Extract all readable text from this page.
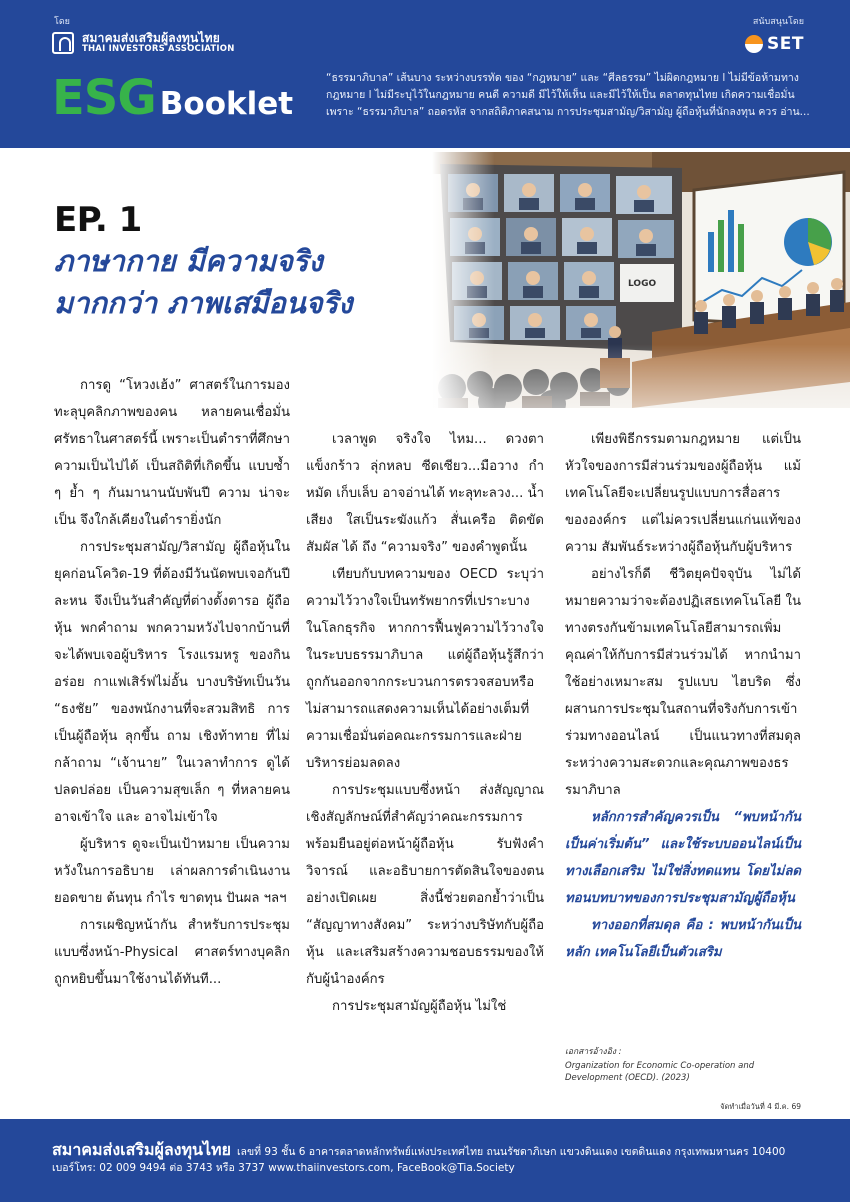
โดย
สมาคมส่งเสริมผู้ลงทุนไทย
THAI INVESTORS ASSOCIATION
สนับสนุนโดย
SET
ESG Booklet
“ธรรมาภิบาล” เส้นบาง ระหว่างบรรทัด ของ “กฎหมาย” และ “ศีลธรรม” ไม่ผิดกฎหมาย l ไม่มีข้อห้ามทางกฎหมาย l ไม่มีระบุไว้ในกฎหมาย คนดี ความดี มีไว้ให้เห็น และมีไว้ให้เป็น ตลาดทุนไทย เกิดความเชื่อมั่น เพราะ “ธรรมาภิบาล” ถอดรหัส จากสถิติภาคสนาม การประชุมสามัญ/วิสามัญ ผู้ถือหุ้นที่นักลงทุน ควร อ่าน...
EP. 1
ภาษากาย มีความจริง
มากกว่า ภาพเสมือนจริง

การดู “โหวงเฮ้ง” ศาสตร์ในการมองทะลุบุคลิกภาพของคน หลายคนเชื่อมั่น ศรัทธาในศาสตร์นี้ เพราะเป็นตำราที่ศึกษาความเป็นไปได้ เป็นสถิติที่เกิดขึ้น แบบซ้ำ ๆ ย้ำ ๆ กันมานานนับพันปี ความ น่าจะเป็น จึงใกล้เคียงในตำรายิ่งนัก

การประชุมสามัญ/วิสามัญ ผู้ถือหุ้นในยุคก่อนโควิด-19 ที่ต้องมีวันนัดพบเจอกันปีละหน จึงเป็นวันสำคัญที่ต่างตั้งตารอ ผู้ถือหุ้น พกคำถาม พกความหวังไปจากบ้านที่จะได้พบเจอผู้บริหาร โรงแรมหรู ของกินอร่อย กาแฟเสิร์ฟไม่อั้น บางบริษัทเป็นวัน “ธงชัย” ของพนักงานที่จะสวมสิทธิ การเป็นผู้ถือหุ้น ลุกขึ้น ถาม เชิงท้าทาย ที่ไม่กล้าถาม “เจ้านาย” ในเวลาทำการ ดูได้ปลดปล่อย เป็นความสุขเล็ก ๆ ที่หลายคนอาจเข้าใจ และ อาจไม่เข้าใจ

ผู้บริหาร ดูจะเป็นเป้าหมาย เป็นความหวังในการอธิบาย เล่าผลการดำเนินงาน ยอดขาย ต้นทุน กำไร ขาดทุน ปันผล ฯลฯ

การเผชิญหน้ากัน สำหรับการประชุมแบบซึ่งหน้า-Physical ศาสตร์ทางบุคลิก ถูกหยิบขึ้นมาใช้งานได้ทันที...

เวลาพูด จริงใจ ไหม... ดวงตาแข็งกร้าว ลุ่กหลบ ซีดเซียว...มือวาง กำหมัด เก็บเล็บ อาจอ่านได้ ทะลุทะลวง... น้ำเสียง ใสเป็นระฆังแก้ว สั่นเครือ ติดขัด สัมผัส ได้ ถึง “ความจริง” ของคำพูดนั้น

เทียบกับบทความของ OECD ระบุว่า ความไว้วางใจเป็นทรัพยากรที่เปราะบางในโลกธุรกิจ หากการฟื้นฟูความไว้วางใจในระบบธรรมาภิบาล แต่ผู้ถือหุ้นรู้สึกว่าถูกกันออกจากกระบวนการตรวจสอบหรือไม่สามารถแสดงความเห็นได้อย่างเต็มที่ ความเชื่อมั่นต่อคณะกรรมการและฝ่ายบริหารย่อมลดลง

การประชุมแบบซึ่งหน้า ส่งสัญญาณเชิงสัญลักษณ์ที่สำคัญว่าคณะกรรมการพร้อมยืนอยู่ต่อหน้าผู้ถือหุ้น รับฟังคำวิจารณ์ และอธิบายการตัดสินใจของตนอย่างเปิดเผย สิ่งนี้ช่วยตอกย้ำว่าเป็น “สัญญาทางสังคม” ระหว่างบริษัทกับผู้ถือหุ้น และเสริมสร้างความชอบธรรมของให้กับผู้นำองค์กร

การประชุมสามัญผู้ถือหุ้น ไม่ใช่

เพียงพิธีกรรมตามกฎหมาย แต่เป็นหัวใจของการมีส่วนร่วมของผู้ถือหุ้น แม้เทคโนโลยีจะเปลี่ยนรูปแบบการสื่อสารขององค์กร แต่ไม่ควรเปลี่ยนแก่นแท้ของความ สัมพันธ์ระหว่างผู้ถือหุ้นกับผู้บริหาร

อย่างไรก็ดี ชีวิตยุคปัจจุบัน ไม่ได้หมายความว่าจะต้องปฏิเสธเทคโนโลยี ในทางตรงกันข้ามเทคโนโลยีสามารถเพิ่มคุณค่าให้กับการมีส่วนร่วมได้ หากนำมาใช้อย่างเหมาะสม รูปแบบ ไฮบริด ซึ่งผสานการประชุมในสถานที่จริงกับการเข้าร่วมทางออนไลน์ เป็นแนวทางที่สมดุลระหว่างความสะดวกและคุณภาพของธรรมาภิบาล

หลักการสำคัญควรเป็น “พบหน้ากันเป็นค่าเริ่มต้น” และใช้ระบบออนไลน์เป็นทางเลือกเสริม ไม่ใช่สิ่งทดแทน โดยไม่ลดทอนบทบาทของการประชุมสามัญผู้ถือหุ้น

ทางออกที่สมดุล คือ : พบหน้ากันเป็นหลัก เทคโนโลยีเป็นตัวเสริม

เอกสารอ้างอิง :
Organization for Economic Co-operation and Development (OECD). (2023)
จัดทำเมื่อวันที่ 4 มี.ค. 69
สมาคมส่งเสริมผู้ลงทุนไทย เลขที่ 93 ชั้น 6 อาคารตลาดหลักทรัพย์แห่งประเทศไทย ถนนรัชดาภิเษก แขวงดินแดง เขตดินแดง กรุงเทพมหานคร 10400
เบอร์โทร: 02 009 9494 ต่อ 3743 หรือ 3737 www.thaiinvestors.com, FaceBook@Tia.Society
